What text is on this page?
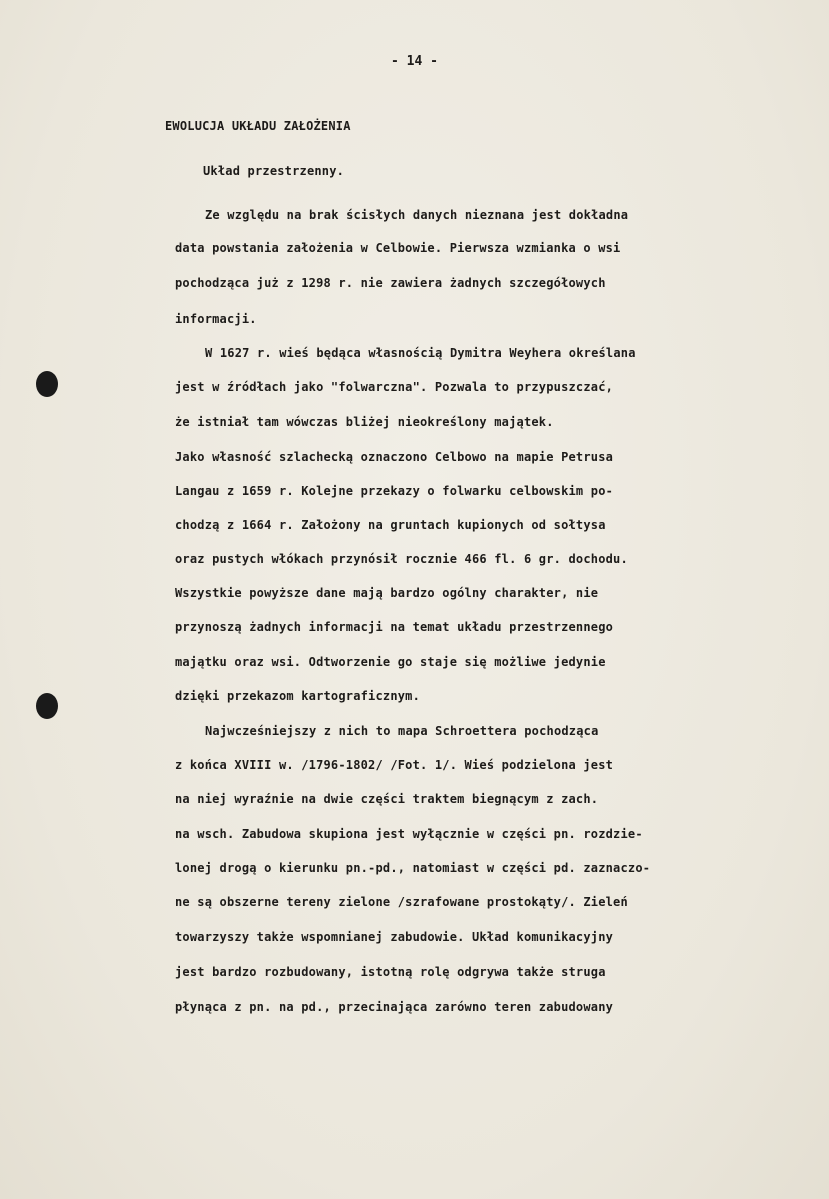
- 14 -
EWOLUCJA UKŁADU ZAŁOŻENIA
Układ przestrzenny.
Ze względu na brak ścisłych danych nieznana jest dokładna
data powstania założenia w Celbowie. Pierwsza wzmianka o wsi
pochodząca już z 1298 r. nie zawiera żadnych szczegółowych
informacji.
W 1627 r. wieś będąca własnością Dymitra Weyhera określana
jest w źródłach jako "folwarczna". Pozwala to przypuszczać,
że istniał tam wówczas bliżej nieokreślony majątek.
Jako własność szlachecką oznaczono Celbowo na mapie Petrusa
Langau z 1659 r. Kolejne przekazy o folwarku celbowskim po-
chodzą z 1664 r. Założony na gruntach kupionych od sołtysa
oraz pustych włókach przynósił rocznie 466 fl. 6 gr. dochodu.
Wszystkie powyższe dane mają bardzo ogólny charakter, nie
przynoszą żadnych informacji na temat układu przestrzennego
majątku oraz wsi. Odtworzenie go staje się możliwe jedynie
dzięki przekazom kartograficznym.
Najwcześniejszy z nich to mapa Schroettera pochodząca
z końca XVIII w. /1796-1802/ /Fot. 1/. Wieś podzielona jest
na niej wyraźnie na dwie części traktem biegnącym z zach.
na wsch. Zabudowa skupiona jest wyłącznie w części pn. rozdzie-
lonej drogą o kierunku pn.-pd., natomiast w części pd. zaznaczo-
ne są obszerne tereny zielone /szrafowane prostokąty/. Zieleń
towarzyszy także wspomnianej zabudowie. Układ komunikacyjny
jest bardzo rozbudowany, istotną rolę odgrywa także struga
płynąca z pn. na pd., przecinająca zarówno teren zabudowany
